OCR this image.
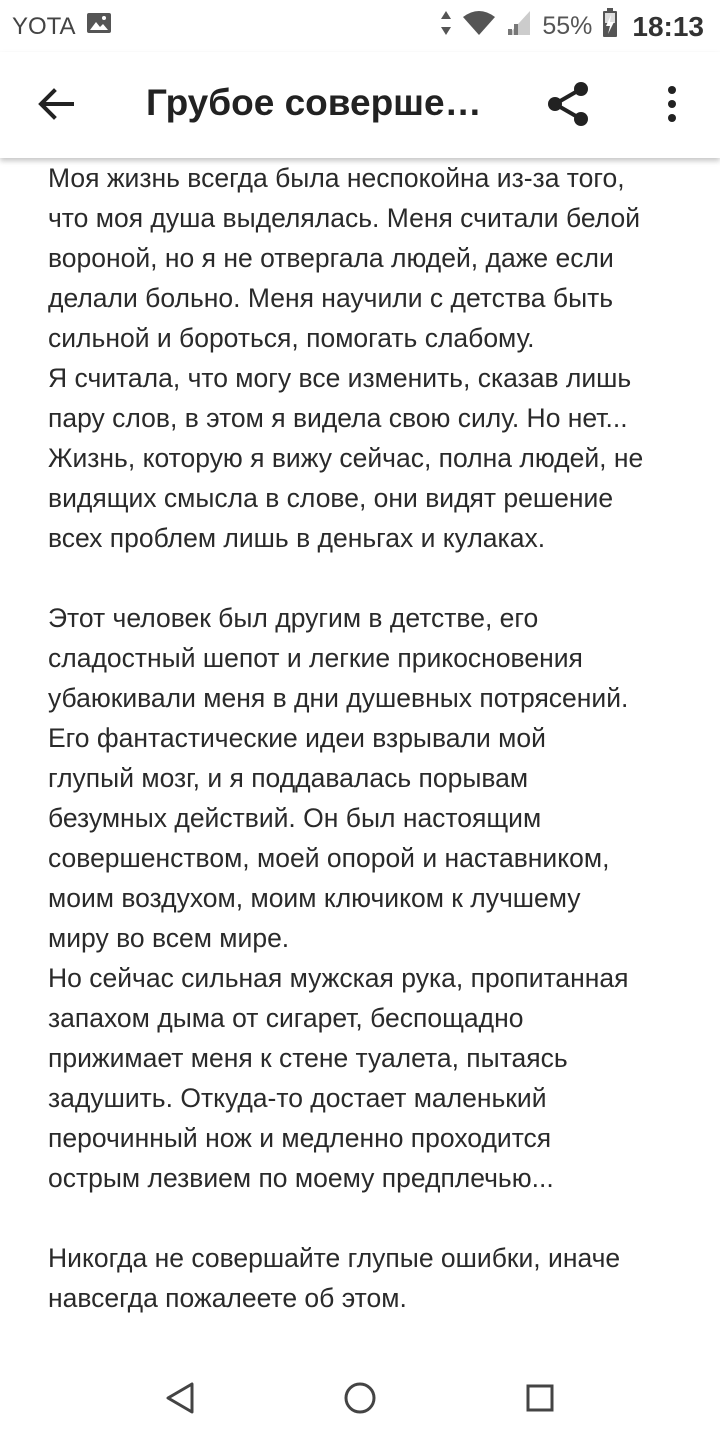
YOTA	55% 18:13
Грубое соверше…

Моя жизнь всегда была неспокойна из-за того,
что моя душа выделялась. Меня считали белой
вороной, но я не отвергала людей, даже если
делали больно. Меня научили с детства быть
сильной и бороться, помогать слабому.

Я считала, что могу все изменить, сказав лишь
пару слов, в этом я видела свою силу. Но нет...
Жизнь, которую я вижу сейчас, полна людей, не
видящих смысла в слове, они видят решение
всех проблем лишь в деньгах и кулаках.

Этот человек был другим в детстве, его
сладостный шепот и легкие прикосновения
убаюкивали меня в дни душевных потрясений.
Его фантастические идеи взрывали мой
глупый мозг, и я поддавалась порывам
безумных действий. Он был настоящим
совершенством, моей опорой и наставником,
моим воздухом, моим ключиком к лучшему
миру во всем мире.

Но сейчас сильная мужская рука, пропитанная
запахом дыма от сигарет, беспощадно
прижимает меня к стене туалета, пытаясь
задушить. Откуда-то достает маленький
перочинный нож и медленно проходится
острым лезвием по моему предплечью...

Никогда не совершайте глупые ошибки, иначе
навсегда пожалеете об этом.
